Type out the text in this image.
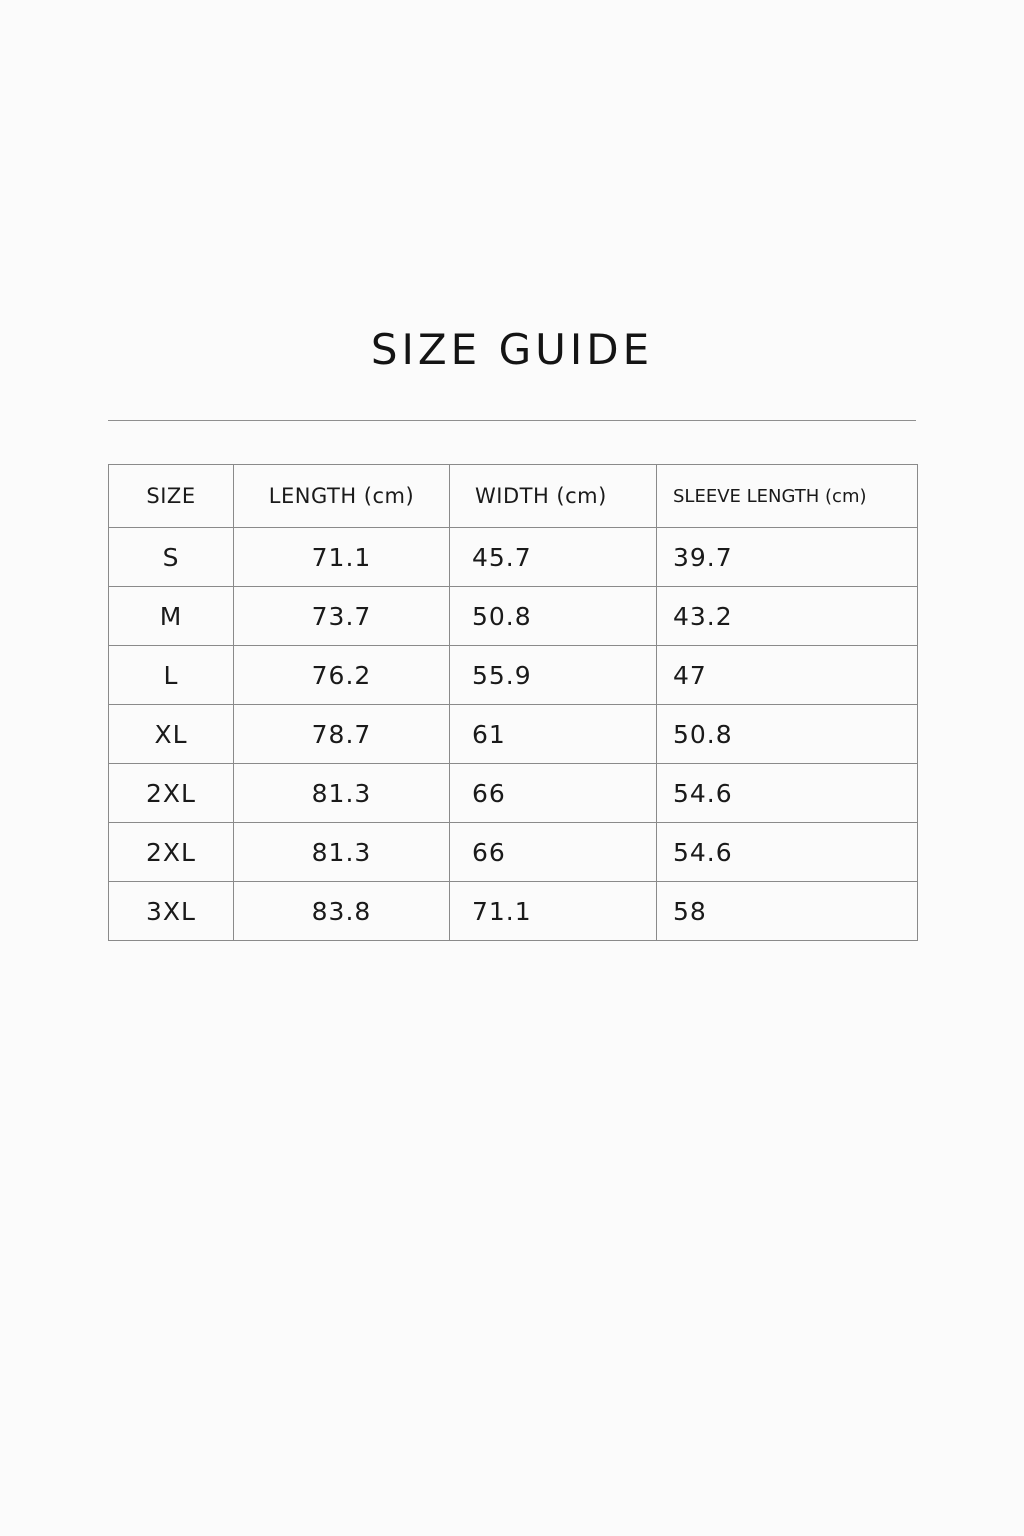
SIZE GUIDE
SIZE	LENGTH (cm)	WIDTH (cm)	SLEEVE LENGTH (cm)
S	71.1	45.7	39.7
M	73.7	50.8	43.2
L	76.2	55.9	47
XL	78.7	61	50.8
2XL	81.3	66	54.6
2XL	81.3	66	54.6
3XL	83.8	71.1	58
